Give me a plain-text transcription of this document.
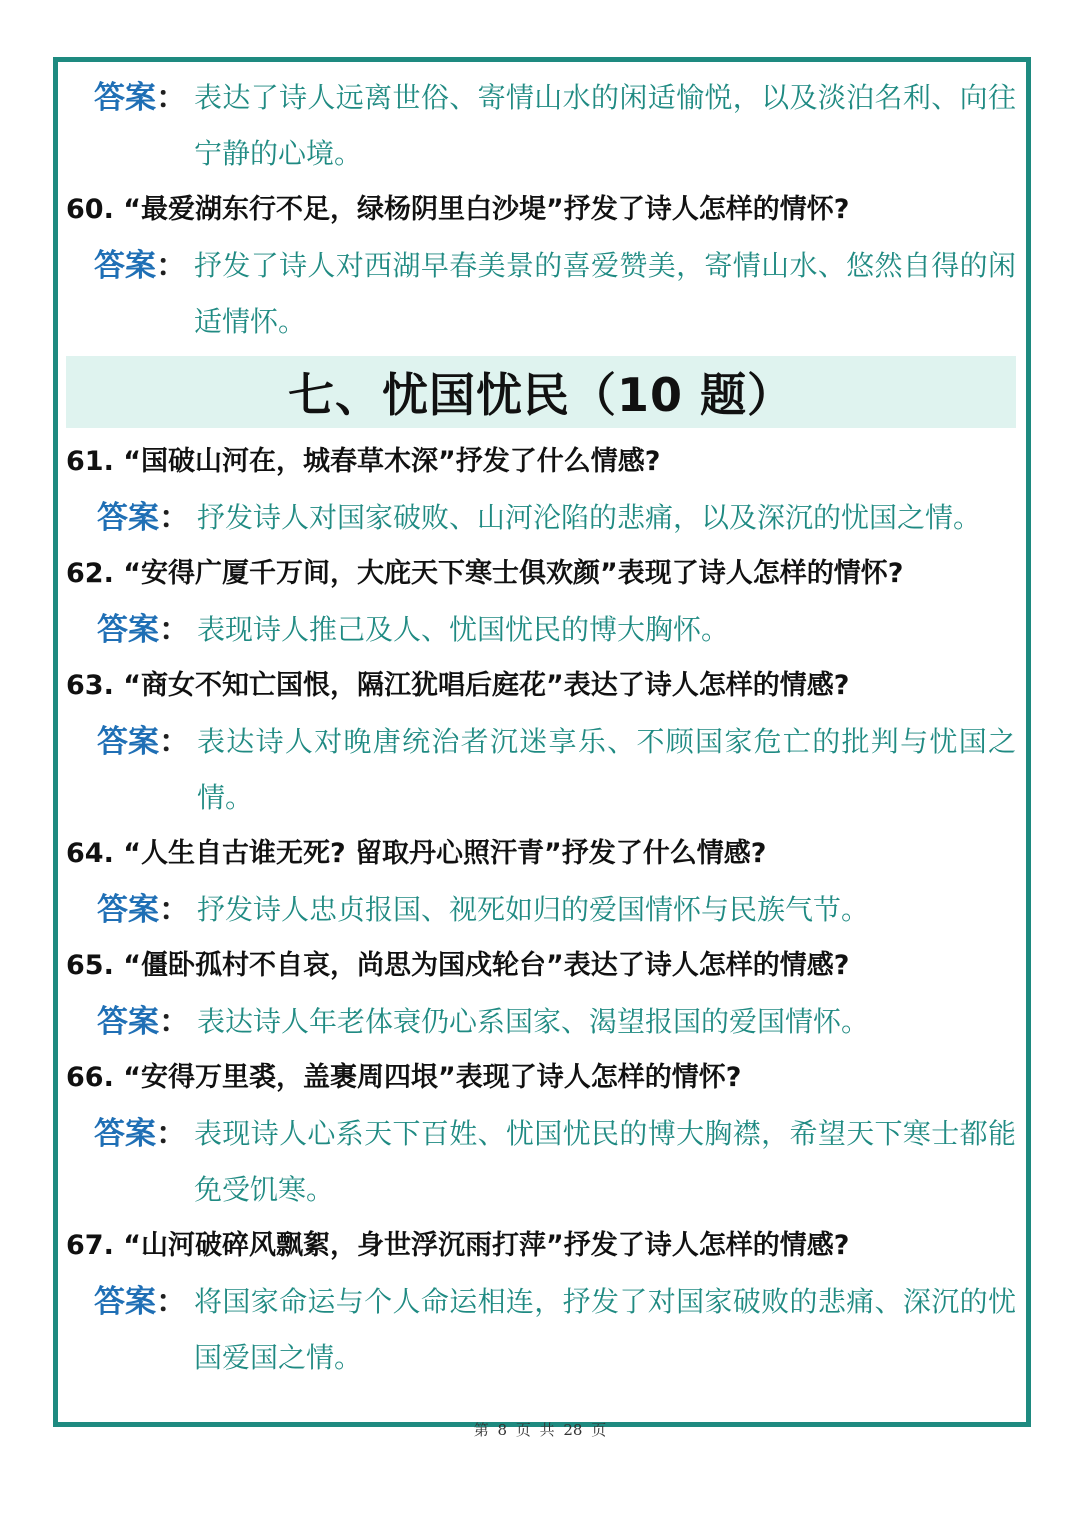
答案： 表达了诗人远离世俗、寄情山水的闲适愉悦，以及淡泊名利、向往宁静的心境。
60. “最爱湖东行不足，绿杨阴里白沙堤”抒发了诗人怎样的情怀?
答案： 抒发了诗人对西湖早春美景的喜爱赞美，寄情山水、悠然自得的闲适情怀。
七、忧国忧民（10 题）
61. “国破山河在，城春草木深”抒发了什么情感?
答案： 抒发诗人对国家破败、山河沦陷的悲痛，以及深沉的忧国之情。
62. “安得广厦千万间，大庇天下寒士俱欢颜”表现了诗人怎样的情怀?
答案： 表现诗人推己及人、忧国忧民的博大胸怀。
63. “商女不知亡国恨，隔江犹唱后庭花”表达了诗人怎样的情感?
答案： 表达诗人对晚唐统治者沉迷享乐、不顾国家危亡的批判与忧国之情。
64. “人生自古谁无死? 留取丹心照汗青”抒发了什么情感?
答案： 抒发诗人忠贞报国、视死如归的爱国情怀与民族气节。
65. “僵卧孤村不自哀，尚思为国戍轮台”表达了诗人怎样的情感?
答案： 表达诗人年老体衰仍心系国家、渴望报国的爱国情怀。
66. “安得万里裘，盖裹周四垠”表现了诗人怎样的情怀?
答案： 表现诗人心系天下百姓、忧国忧民的博大胸襟，希望天下寒士都能免受饥寒。
67. “山河破碎风飘絮，身世浮沉雨打萍”抒发了诗人怎样的情感?
答案： 将国家命运与个人命运相连，抒发了对国家破败的悲痛、深沉的忧国爱国之情。
第 8 页 共 28 页
